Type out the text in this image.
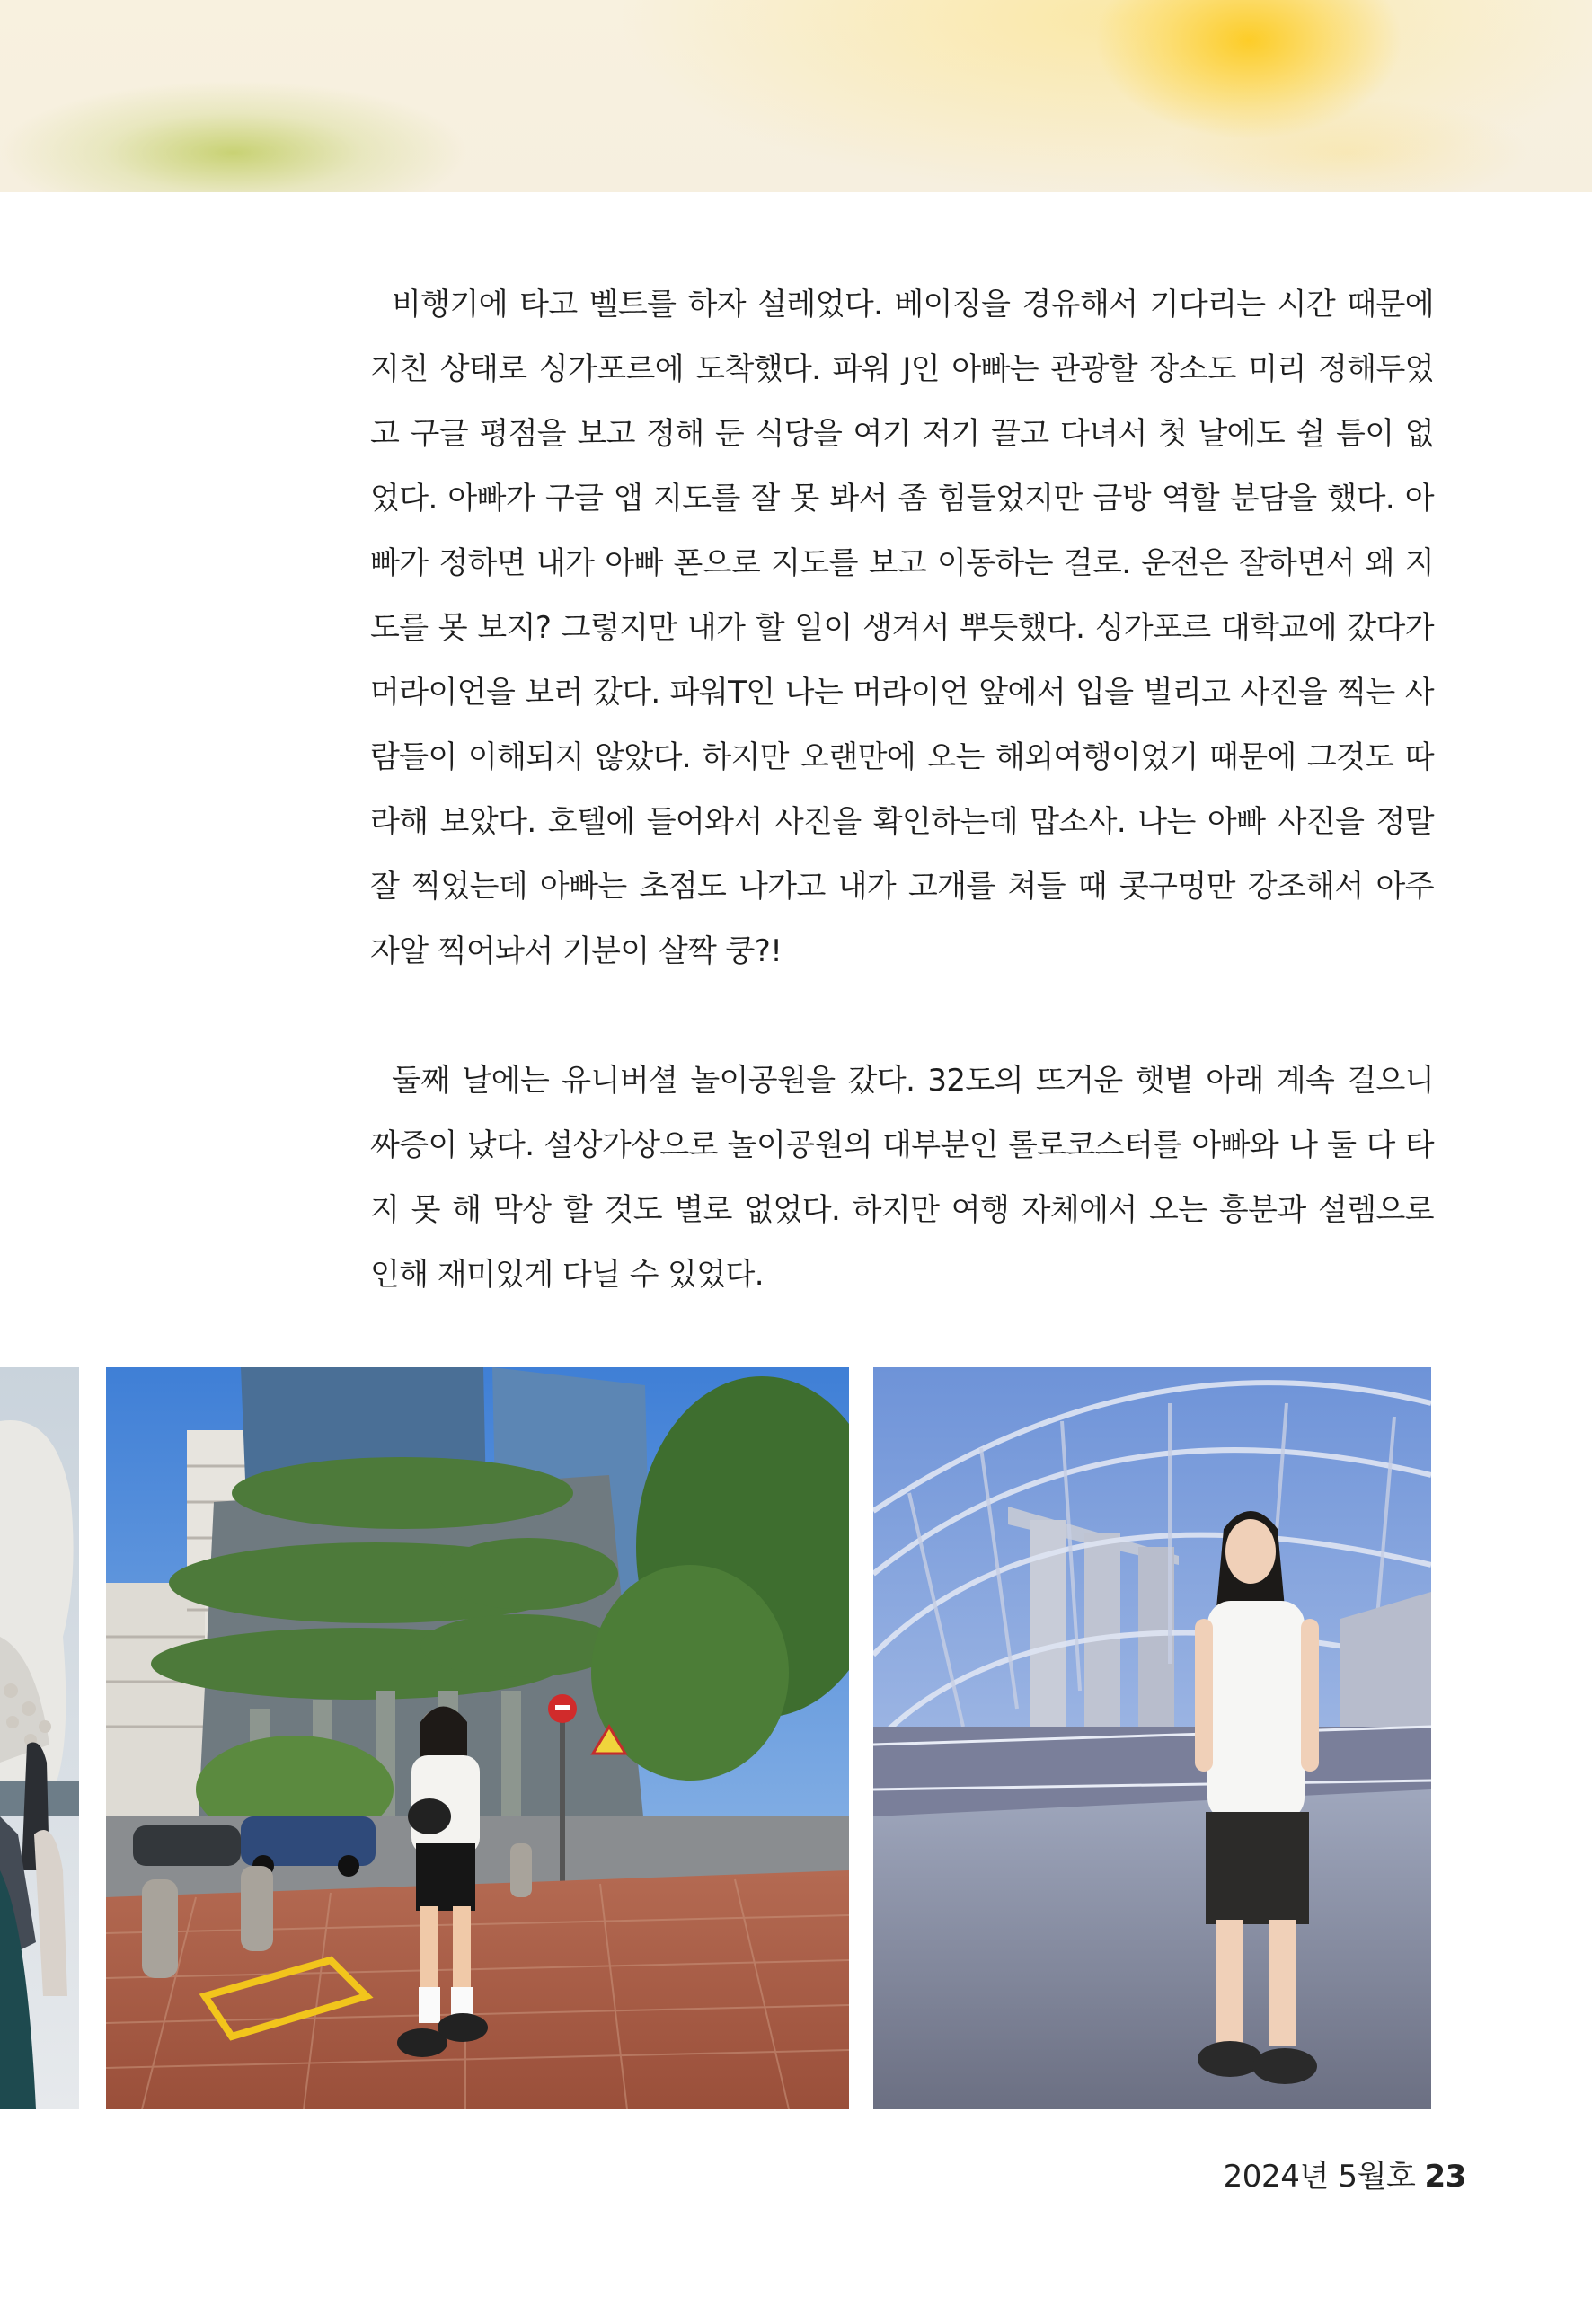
비행기에 타고 벨트를 하자 설레었다. 베이징을 경유해서 기다리는 시간 때문에 지친 상태로 싱가포르에 도착했다. 파워 J인 아빠는 관광할 장소도 미리 정해두었고 구글 평점을 보고 정해 둔 식당을 여기 저기 끌고 다녀서 첫 날에도 쉴 틈이 없었다. 아빠가 구글 앱 지도를 잘 못 봐서 좀 힘들었지만 금방 역할 분담을 했다. 아빠가 정하면 내가 아빠 폰으로 지도를 보고 이동하는 걸로. 운전은 잘하면서 왜 지도를 못 보지? 그렇지만 내가 할 일이 생겨서 뿌듯했다. 싱가포르 대학교에 갔다가 머라이언을 보러 갔다. 파워T인 나는 머라이언 앞에서 입을 벌리고 사진을 찍는 사람들이 이해되지 않았다. 하지만 오랜만에 오는 해외여행이었기 때문에 그것도 따라해 보았다. 호텔에 들어와서 사진을 확인하는데 맙소사. 나는 아빠 사진을 정말 잘 찍었는데 아빠는 초점도 나가고 내가 고개를 쳐들 때 콧구멍만 강조해서 아주 자알 찍어놔서 기분이 살짝 쿵?!

둘째 날에는 유니버셜 놀이공원을 갔다. 32도의 뜨거운 햇볕 아래 계속 걸으니 짜증이 났다. 설상가상으로 놀이공원의 대부분인 롤로코스터를 아빠와 나 둘 다 타지 못 해 막상 할 것도 별로 없었다. 하지만 여행 자체에서 오는 흥분과 설렘으로 인해 재미있게 다닐 수 있었다.

2024년 5월호 23
